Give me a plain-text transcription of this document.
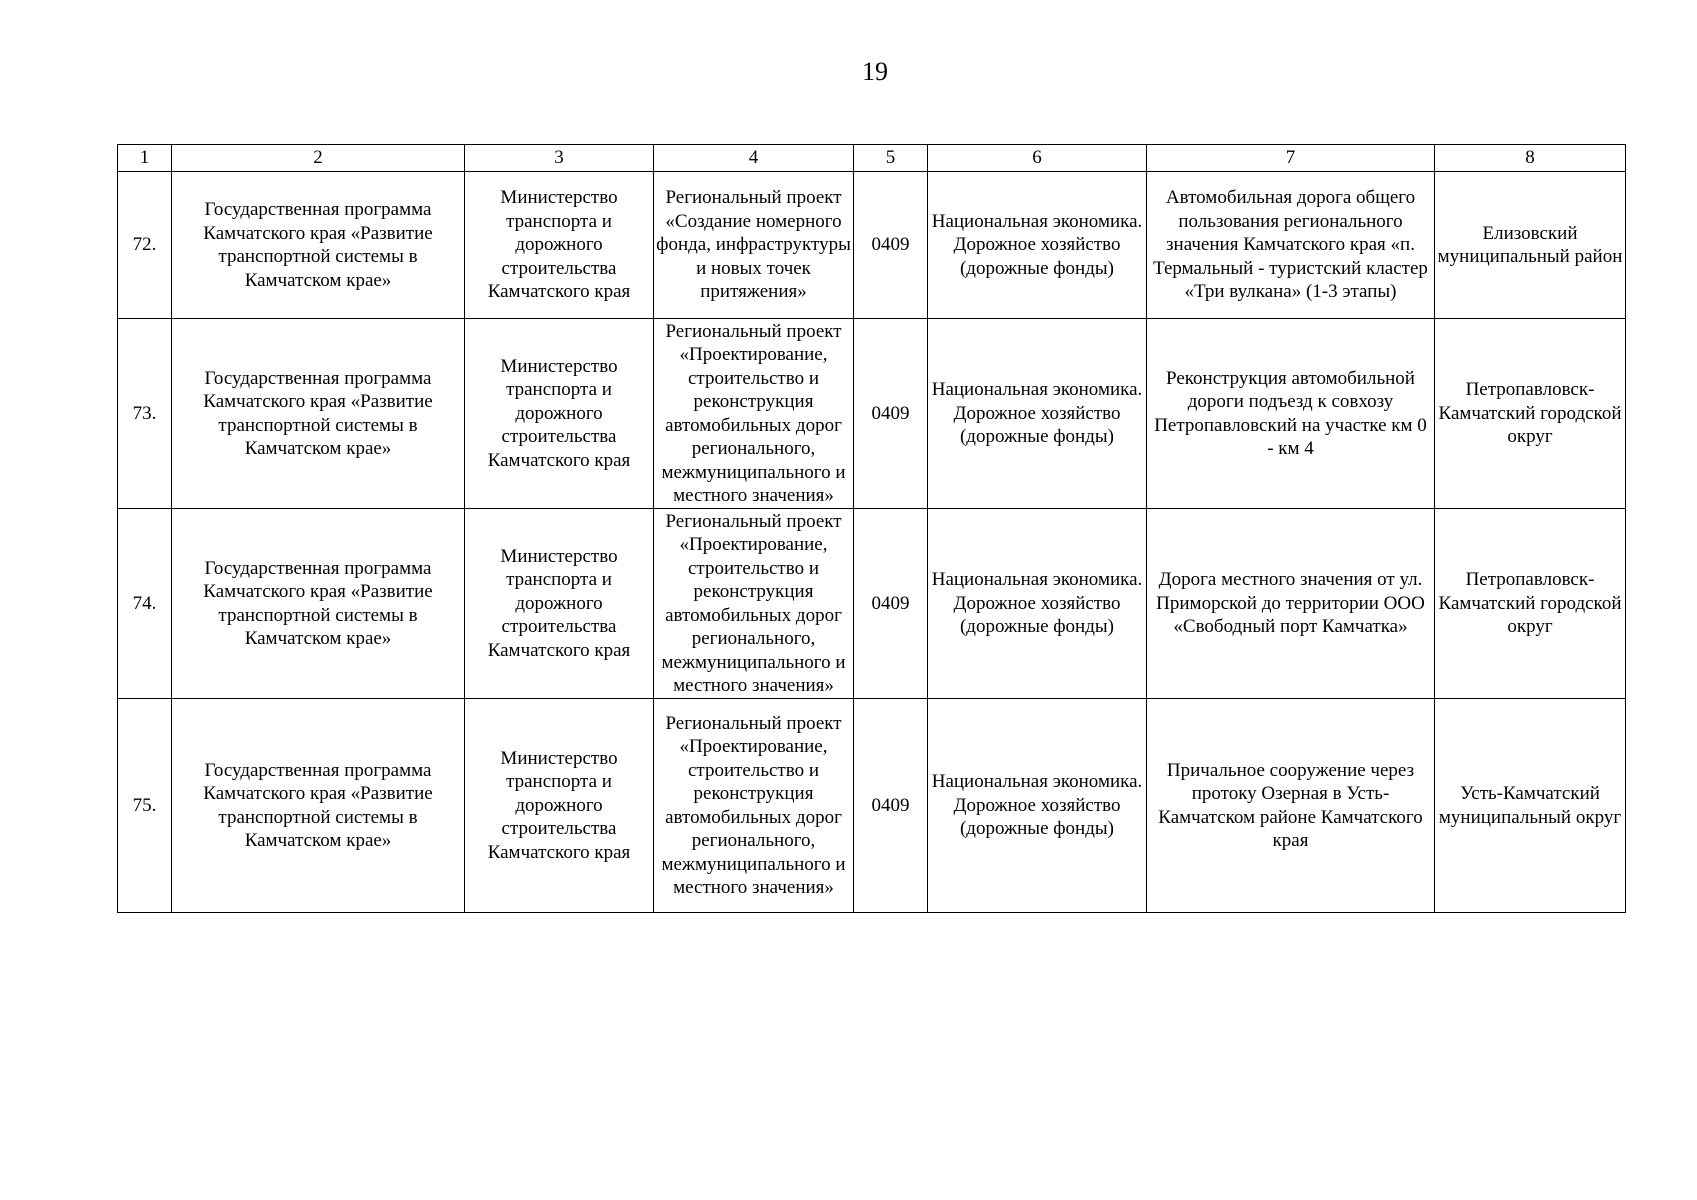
19
1	2	3	4	5	6	7	8
72.	Государственная программа Камчатского края «Развитие транспортной системы в Камчатском крае»	Министерство транспорта и дорожного строительства Камчатского края	Региональный проект «Создание номерного фонда, инфраструктуры и новых точек притяжения»	0409	Национальная экономика. Дорожное хозяйство (дорожные фонды)	Автомобильная дорога общего пользования регионального значения Камчатского края «п. Термальный - туристский кластер «Три вулкана» (1-3 этапы)	Елизовский муниципальный район
73.	Государственная программа Камчатского края «Развитие транспортной системы в Камчатском крае»	Министерство транспорта и дорожного строительства Камчатского края	Региональный проект «Проектирование, строительство и реконструкция автомобильных дорог регионального, межмуниципального и местного значения»	0409	Национальная экономика. Дорожное хозяйство (дорожные фонды)	Реконструкция автомобильной дороги подъезд к совхозу Петропавловский на участке км 0 - км 4	Петропавловск-Камчатский городской округ
74.	Государственная программа Камчатского края «Развитие транспортной системы в Камчатском крае»	Министерство транспорта и дорожного строительства Камчатского края	Региональный проект «Проектирование, строительство и реконструкция автомобильных дорог регионального, межмуниципального и местного значения»	0409	Национальная экономика. Дорожное хозяйство (дорожные фонды)	Дорога местного значения от ул. Приморской до территории ООО «Свободный порт Камчатка»	Петропавловск-Камчатский городской округ
75.	Государственная программа Камчатского края «Развитие транспортной системы в Камчатском крае»	Министерство транспорта и дорожного строительства Камчатского края	Региональный проект «Проектирование, строительство и реконструкция автомобильных дорог регионального, межмуниципального и местного значения»	0409	Национальная экономика. Дорожное хозяйство (дорожные фонды)	Причальное сооружение через протоку Озерная в Усть-Камчатском районе Камчатского края	Усть-Камчатский муниципальный округ
